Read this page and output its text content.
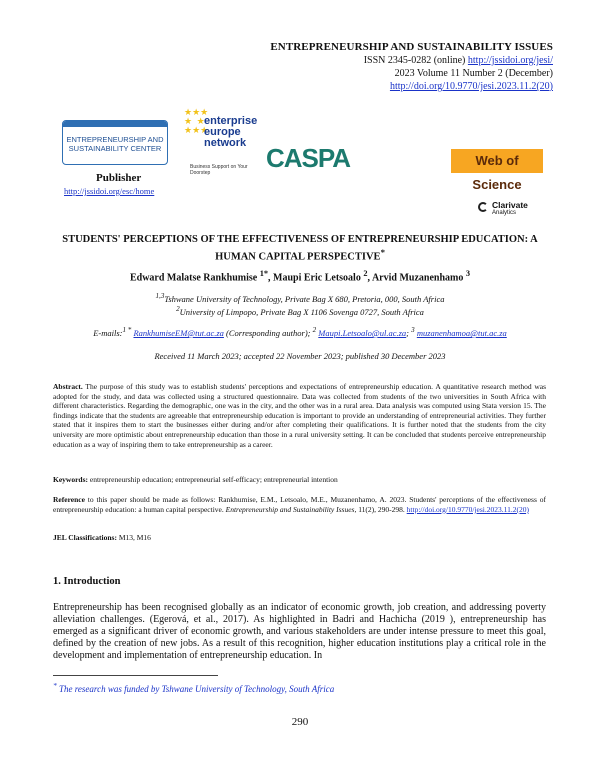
ENTREPRENEURSHIP AND SUSTAINABILITY ISSUES
ISSN 2345-0282 (online) http://jssidoi.org/jesi/
2023 Volume 11 Number 2 (December)
http://doi.org/10.9770/jesi.2023.11.2(20)
ENTREPRENEURSHIP AND SUSTAINABILITY CENTER
Publisher
http://jssidoi.org/esc/home
★★★
★  ★
★★★
enterprise
europe
network
Business Support on Your Doorstep	CASPA	Web of Science
Clarivate
Analytics
STUDENTS' PERCEPTIONS OF THE EFFECTIVENESS OF ENTREPRENEURSHIP EDUCATION: A
HUMAN CAPITAL PERSPECTIVE*
Edward Malatse Rankhumise $^{1*}$, Maupi Eric Letsoalo $^2$, Arvid Muzanenhamo $^3$
$^{1,3}$Tshwane University of Technology, Private Bag X 680, Pretoria, 000, South Africa
$^2$University of Limpopo, Private Bag X 1106 Sovenga 0727, South Africa
E-mails:$^{1 *}$ RankhumiseEM@tut.ac.za (Corresponding author); $^2$ Maupi.Letsoalo@ul.ac.za; $^3$ muzanenhamoa@tut.ac.za
Received 11 March 2023; accepted 22 November 2023; published 30 December 2023
Abstract. The purpose of this study was to establish students' perceptions and expectations of entrepreneurship education. A quantitative research method was adopted for the study, and data was collected using a structured questionnaire. Data was collected from students of the two universities in South Africa with different characteristics. Regarding the demographic, one was in the city, and the other was in a rural area. Data analysis was computed using Stata version 15. The findings indicate that the students are agreeable that entrepreneurship education is important to provide an understanding of entrepreneurial activities. They further stated that it inspires them to start the businesses either during and/or after completing their qualifications. It is further noted that the students from the city university are more optimistic about entrepreneurship education than those in a rural university setting. It can be concluded that students perceive entrepreneurship education as a way of inspiring them to take entrepreneurship as a career.
Keywords: entrepreneurship education; entrepreneurial self-efficacy; entrepreneurial intention
Reference to this paper should be made as follows: Rankhumise, E.M., Letsoalo, M.E., Muzanenhamo, A. 2023. Students' perceptions of the effectiveness of entrepreneurship education: a human capital perspective. Entrepreneurship and Sustainability Issues, 11(2), 290-298. http://doi.org/10.9770/jesi.2023.11.2(20)
JEL Classifications: M13, M16
1. Introduction
Entrepreneurship has been recognised globally as an indicator of economic growth, job creation, and addressing poverty alleviation challenges. (Egerová, et al., 2017). As highlighted in Badri and Hachicha (2019 ), entrepreneurship has emerged as a significant driver of economic growth, and various stakeholders are under intense pressure to meet this goal, defined by the creation of new jobs. As a result of this recognition, higher education institutions play a critical role in the development and implementation of entrepreneurship education. In
* The research was funded by Tshwane University of Technology, South Africa
290
